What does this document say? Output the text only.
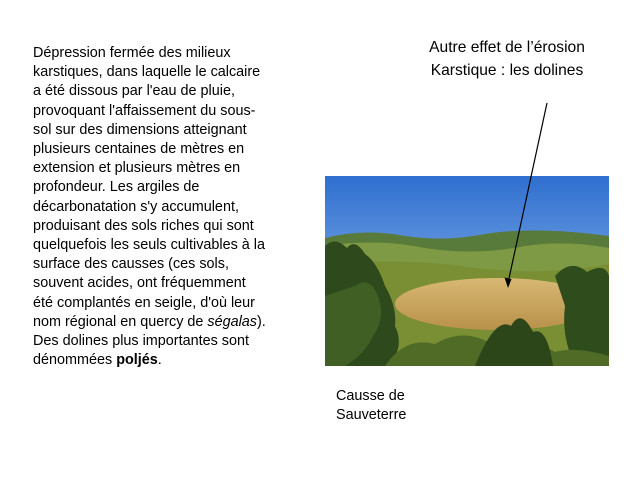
Dépression fermée des milieux karstiques, dans laquelle le calcaire a été dissous par l'eau de pluie, provoquant l'affaissement du sous-sol sur des dimensions atteignant plusieurs centaines de mètres en extension et plusieurs mètres en profondeur. Les argiles de décarbonatation s'y accumulent, produisant des sols riches qui sont quelquefois les seuls cultivables à la surface des causses (ces sols, souvent acides, ont fréquemment été complantés en seigle, d'où leur nom régional en quercy de ségalas). Des dolines plus importantes sont dénommées poljés.

Autre effet de l’érosion
Karstique : les dolines
Causse de
Sauveterre
